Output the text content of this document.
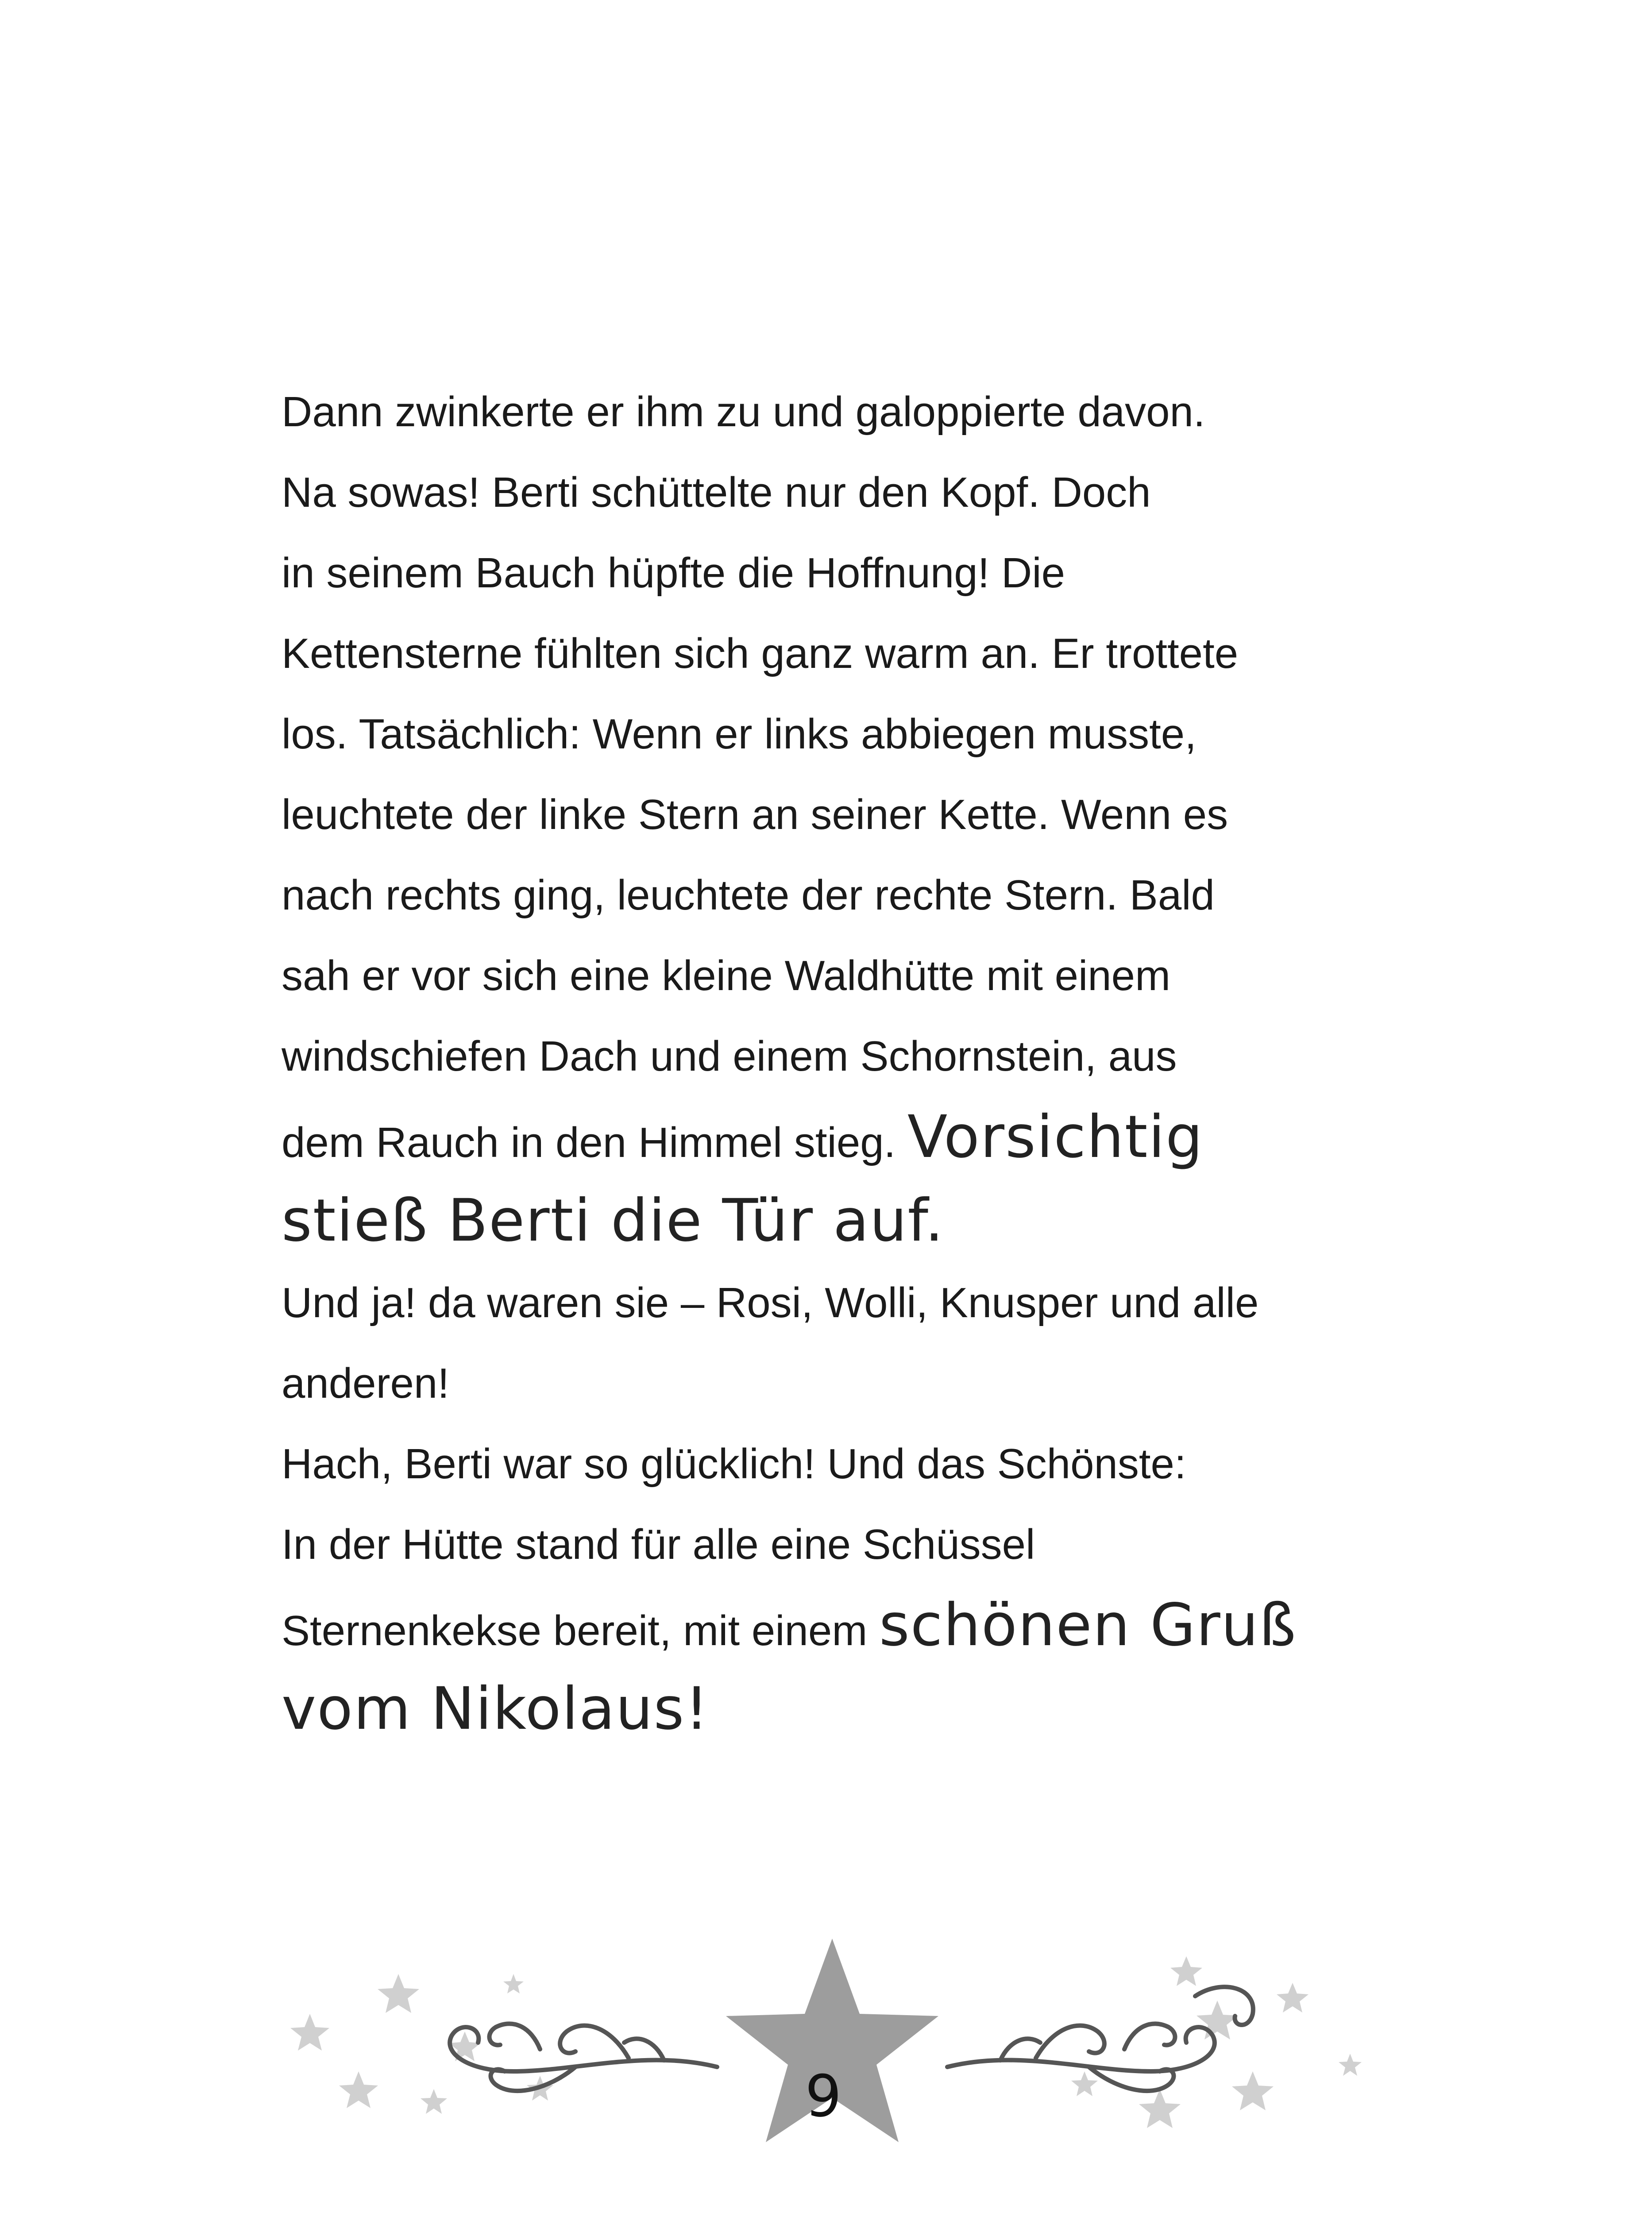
Dann zwinkerte er ihm zu und galoppierte davon.
Na sowas! Berti schüttelte nur den Kopf. Doch
in seinem Bauch hüpfte die Hoffnung! Die
Kettensterne fühlten sich ganz warm an. Er trottete
los. Tatsächlich: Wenn er links abbiegen musste,
leuchtete der linke Stern an seiner Kette. Wenn es
nach rechts ging, leuchtete der rechte Stern. Bald
sah er vor sich eine kleine Waldhütte mit einem
windschiefen Dach und einem Schornstein, aus
dem Rauch in den Himmel stieg. Vorsichtig
stieß Berti die Tür auf.

Und ja! da waren sie – Rosi, Wolli, Knusper und alle
anderen!

Hach, Berti war so glücklich! Und das Schönste:
In der Hütte stand für alle eine Schüssel
Sternenkekse bereit, mit einem schönen Gruß
vom Nikolaus!

9
